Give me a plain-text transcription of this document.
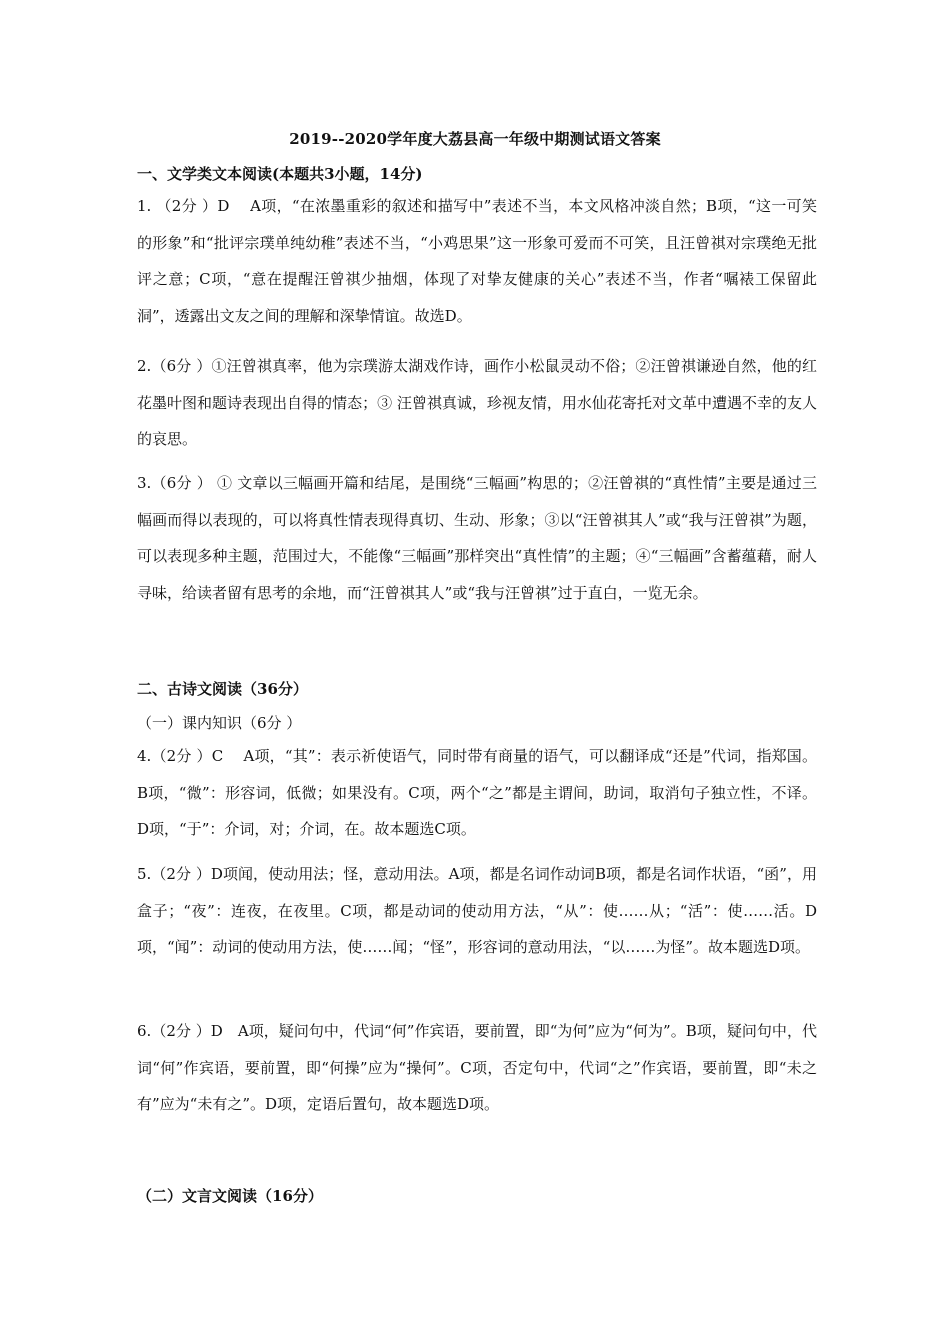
2019--2020学年度大荔县高一年级中期测试语文答案
一、文学类文本阅读(本题共3小题，14分)
1. （2分 ）D　 A项，“在浓墨重彩的叙述和描写中”表述不当，本文风格冲淡自然；B项，“这一可笑的形象”和“批评宗璞单纯幼稚”表述不当，“小鸡思果”这一形象可爱而不可笑，且汪曾祺对宗璞绝无批评之意；C项，“意在提醒汪曾祺少抽烟，体现了对挚友健康的关心”表述不当，作者“嘱裱工保留此洞”，透露出文友之间的理解和深挚情谊。故选D。
2.（6分 ）①汪曾祺真率，他为宗璞游太湖戏作诗，画作小松鼠灵动不俗；②汪曾祺谦逊自然，他的红花墨叶图和题诗表现出自得的情态；③ 汪曾祺真诚，珍视友情，用水仙花寄托对文革中遭遇不幸的友人的哀思。
3.（6分 ） ① 文章以三幅画开篇和结尾，是围绕“三幅画”构思的；②汪曾祺的“真性情”主要是通过三幅画而得以表现的，可以将真性情表现得真切、生动、形象；③以“汪曾祺其人”或“我与汪曾祺”为题，可以表现多种主题，范围过大，不能像“三幅画”那样突出“真性情”的主题；④“三幅画”含蓄蕴藉，耐人寻味，给读者留有思考的余地，而“汪曾祺其人”或“我与汪曾祺”过于直白，一览无余。
二、古诗文阅读（36分）
（一）课内知识（6分 ）
4.（2分 ）C　 A项，“其”：表示祈使语气，同时带有商量的语气，可以翻译成“还是”代词，指郑国。B项，“微”：形容词，低微；如果没有。C项，两个“之”都是主谓间，助词，取消句子独立性，不译。D项，“于”：介词，对；介词，在。故本题选C项。
5.（2分 ）D项闻，使动用法；怪，意动用法。A项，都是名词作动词B项，都是名词作状语，“函”，用盒子；“夜”：连夜，在夜里。C项，都是动词的使动用方法，“从”：使……从；“活”：使……活。D项，“闻”：动词的使动用方法，使……闻；“怪”，形容词的意动用法，“以……为怪”。故本题选D项。
6.（2分 ）D　A项，疑问句中，代词“何”作宾语，要前置，即“为何”应为“何为”。B项，疑问句中，代词“何”作宾语，要前置，即“何操”应为“操何”。C项，否定句中，代词“之”作宾语，要前置，即“未之有”应为“未有之”。D项，定语后置句，故本题选D项。
（二）文言文阅读（16分）
